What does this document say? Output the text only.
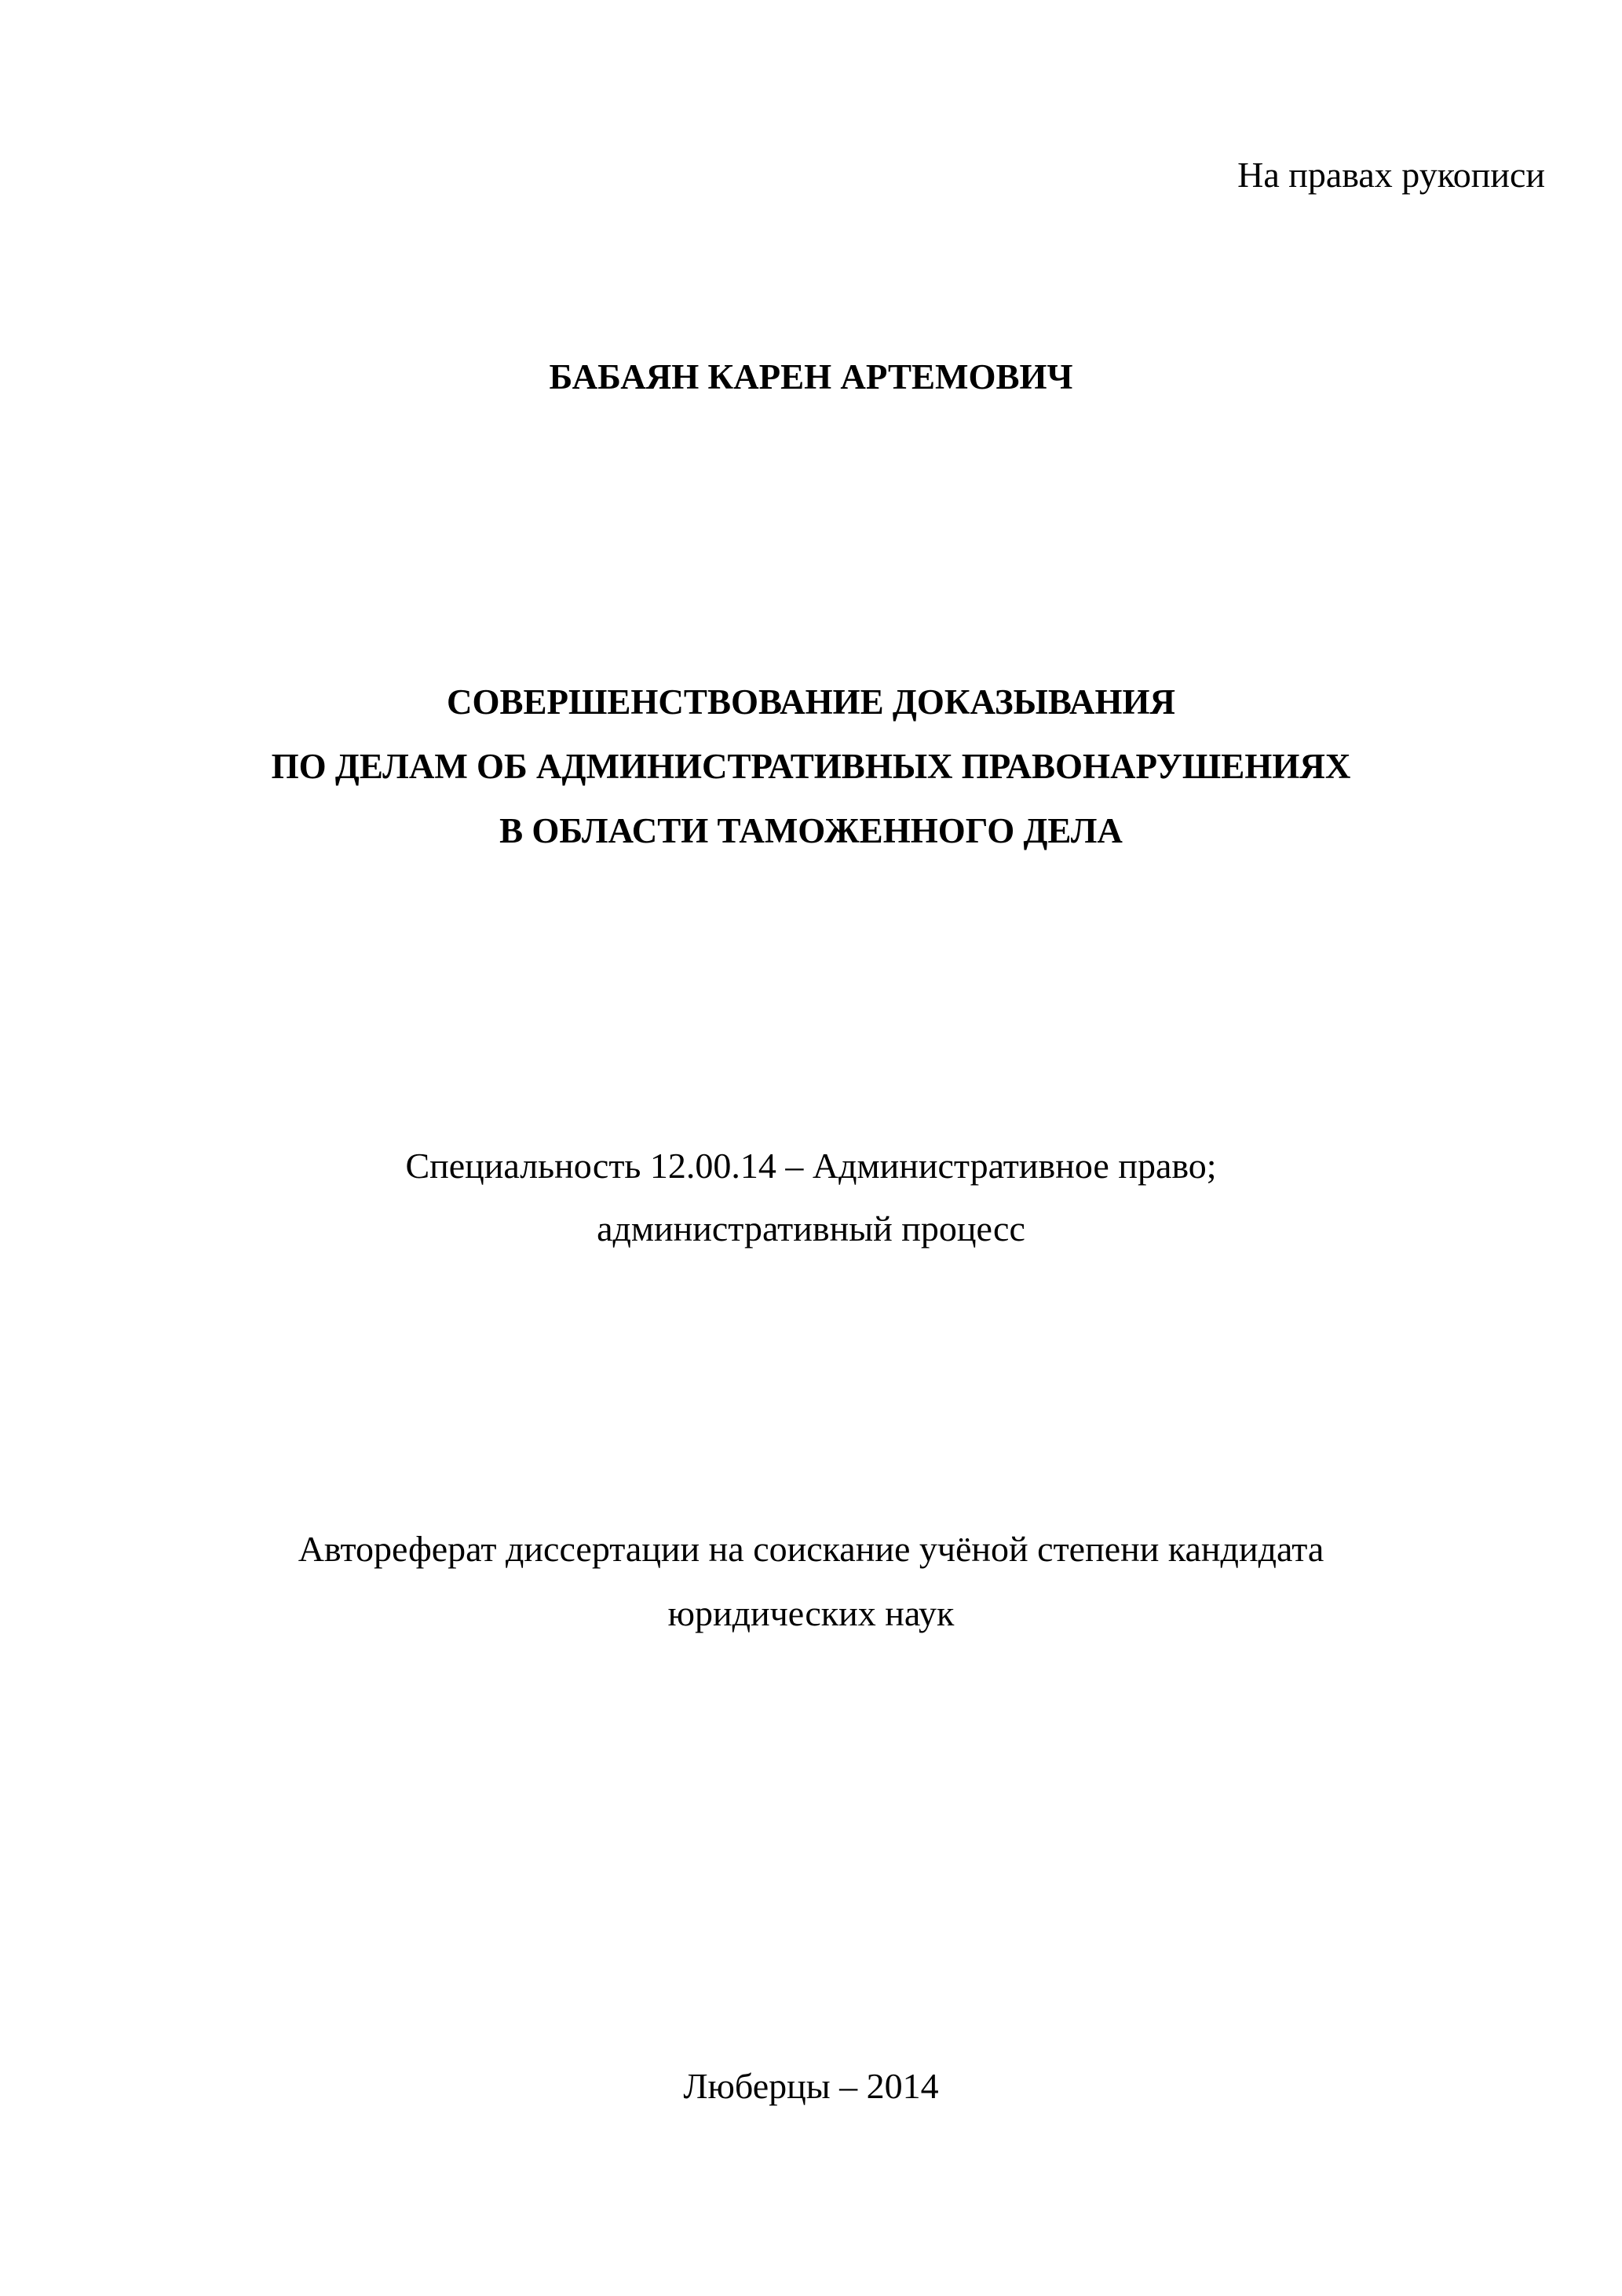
На правах рукописи
БАБАЯН КАРЕН АРТЕМОВИЧ
СОВЕРШЕНСТВОВАНИЕ ДОКАЗЫВАНИЯ
ПО ДЕЛАМ ОБ АДМИНИСТРАТИВНЫХ ПРАВОНАРУШЕНИЯХ
В ОБЛАСТИ ТАМОЖЕННОГО ДЕЛА
Специальность 12.00.14 – Административное право;
административный процесс
Автореферат диссертации на соискание учёной степени кандидата
юридических наук
Люберцы – 2014
